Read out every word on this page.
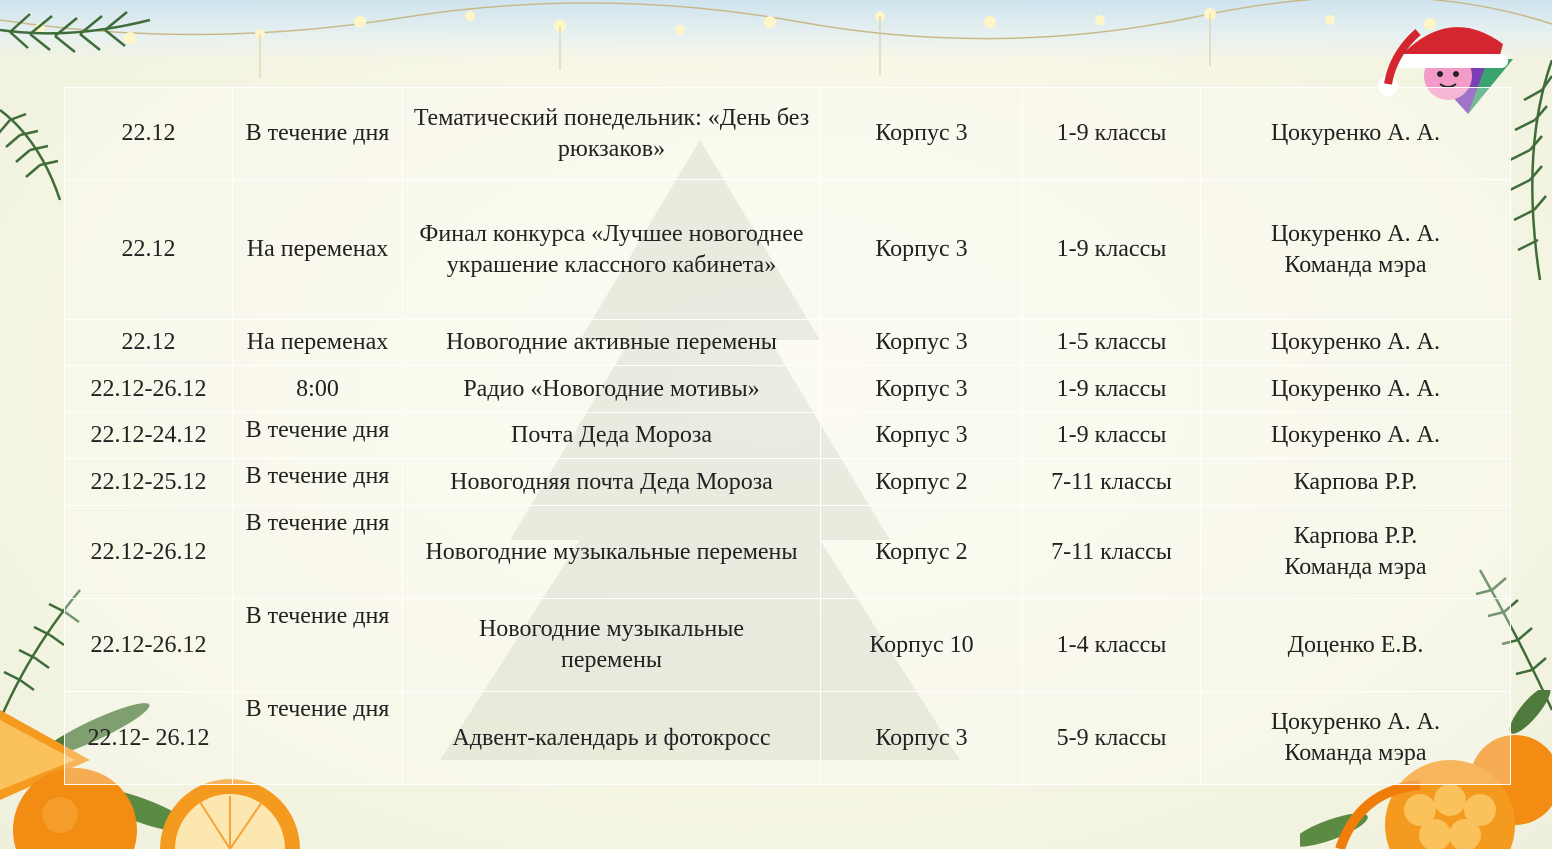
22.12	В течение дня	Тематический понедельник: «День без рюкзаков»	Корпус 3	1-9 классы	Цокуренко А. А.
22.12	На переменах	Финал конкурса «Лучшее новогоднее украшение классного кабинета»	Корпус 3	1-9 классы	Цокуренко А. А.
Команда мэра

22.12	На переменах	Новогодние активные перемены	Корпус 3	1-5 классы	Цокуренко А. А.
22.12-26.12	8:00	Радио «Новогодние мотивы»	Корпус 3	1-9 классы	Цокуренко А. А.
22.12-24.12	В течение дня	Почта Деда Мороза	Корпус 3	1-9 классы	Цокуренко А. А.
22.12-25.12	В течение дня	Новогодняя почта Деда Мороза	Корпус 2	7-11 классы	Карпова Р.Р.
22.12-26.12	В течение дня	Новогодние музыкальные перемены	Корпус 2	7-11 классы	Карпова Р.Р.
Команда мэра

22.12-26.12	В течение дня	Новогодние музыкальные перемены	Корпус 10	1-4 классы	Доценко Е.В.
22.12- 26.12	В течение дня	Адвент-календарь и фотокросс	Корпус 3	5-9 классы	Цокуренко А. А.
Команда мэра
